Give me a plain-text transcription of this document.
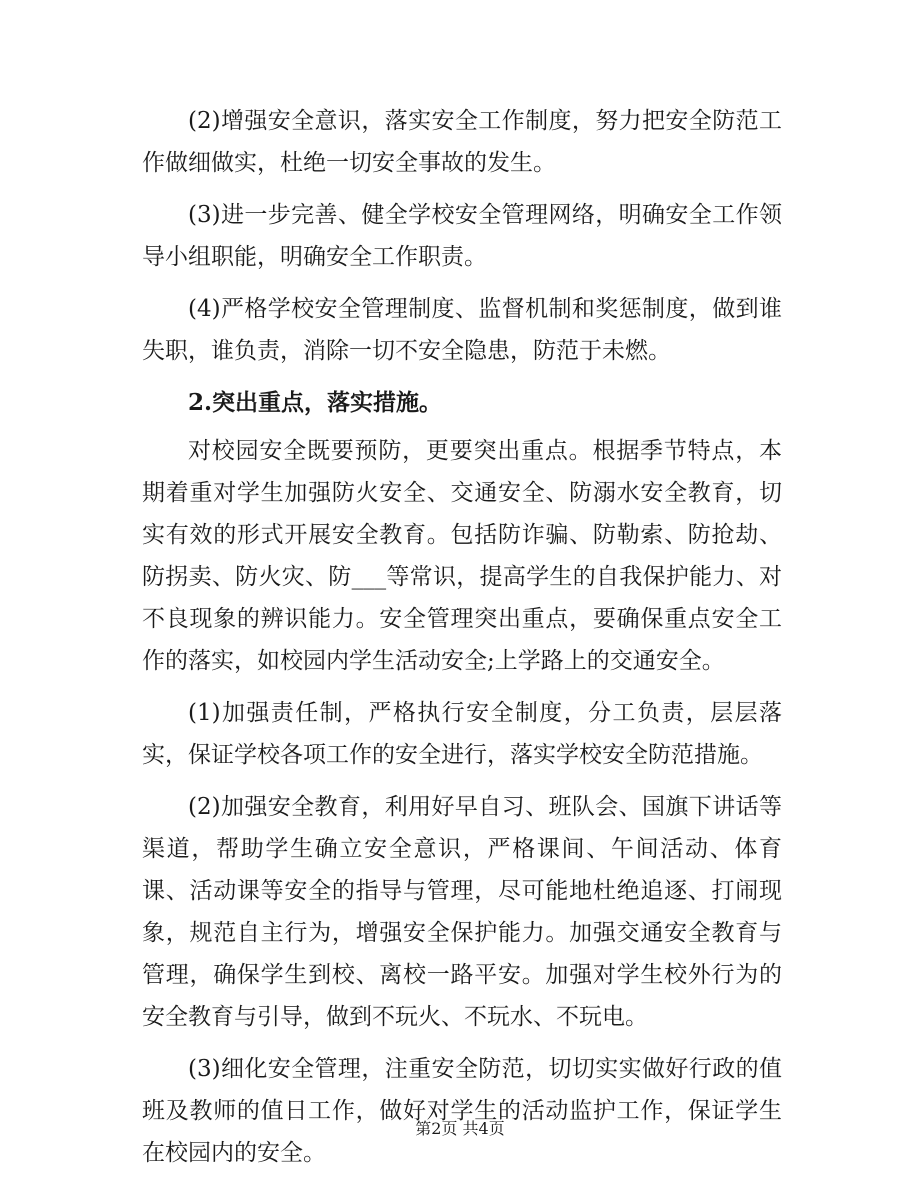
(2)增强安全意识，落实安全工作制度，努力把安全防范工作做细做实，杜绝一切安全事故的发生。

(3)进一步完善、健全学校安全管理网络，明确安全工作领导小组职能，明确安全工作职责。

(4)严格学校安全管理制度、监督机制和奖惩制度，做到谁失职，谁负责，消除一切不安全隐患，防范于未燃。

2.突出重点，落实措施。

对校园安全既要预防，更要突出重点。根据季节特点，本期着重对学生加强防火安全、交通安全、防溺水安全教育，切实有效的形式开展安全教育。包括防诈骗、防勒索、防抢劫、防拐卖、防火灾、防___等常识，提高学生的自我保护能力、对不良现象的辨识能力。安全管理突出重点，要确保重点安全工作的落实，如校园内学生活动安全;上学路上的交通安全。

(1)加强责任制，严格执行安全制度，分工负责，层层落实，保证学校各项工作的安全进行，落实学校安全防范措施。

(2)加强安全教育，利用好早自习、班队会、国旗下讲话等渠道，帮助学生确立安全意识，严格课间、午间活动、体育课、活动课等安全的指导与管理，尽可能地杜绝追逐、打闹现象，规范自主行为，增强安全保护能力。加强交通安全教育与管理，确保学生到校、离校一路平安。加强对学生校外行为的安全教育与引导，做到不玩火、不玩水、不玩电。

(3)细化安全管理，注重安全防范，切切实实做好行政的值班及教师的值日工作，做好对学生的活动监护工作，保证学生在校园内的安全。

第2页 共4页
